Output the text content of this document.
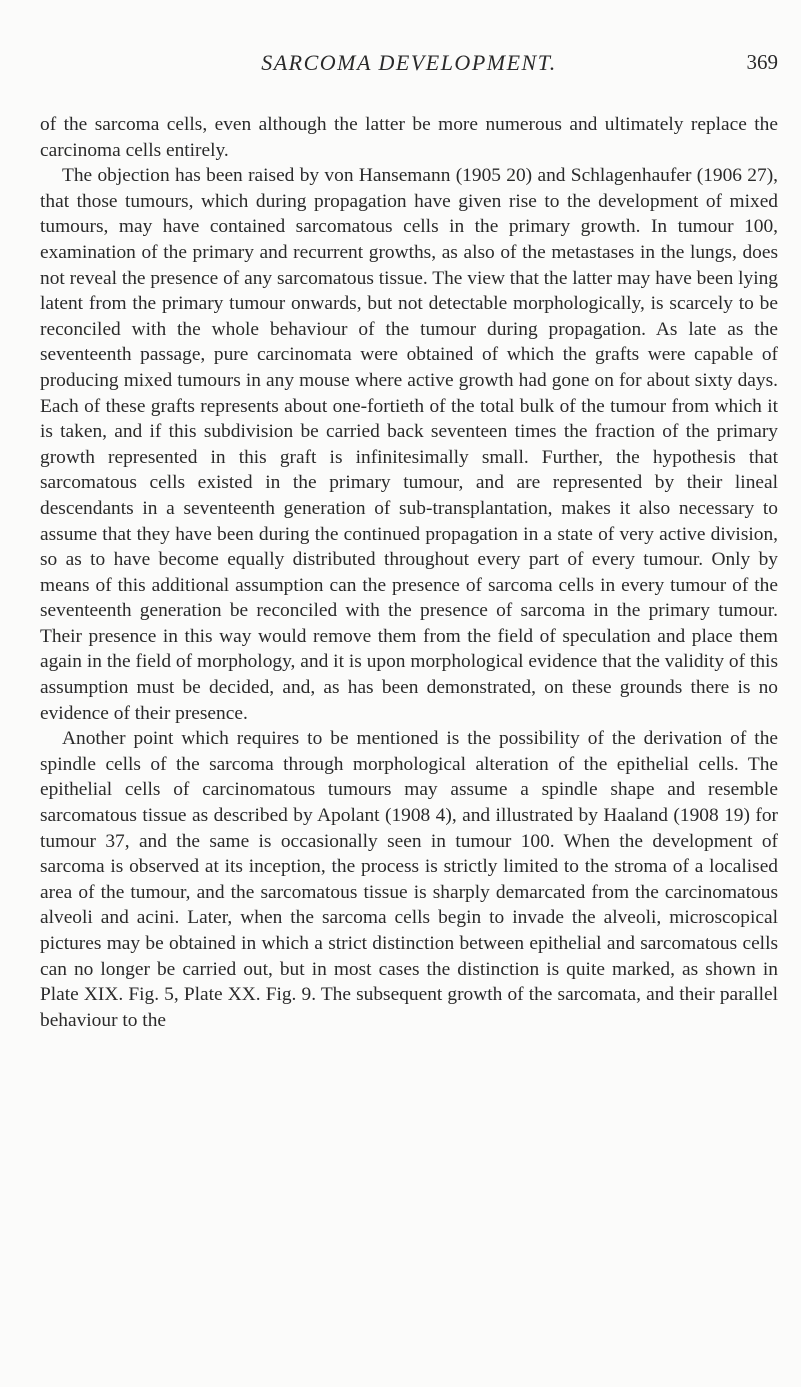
SARCOMA DEVELOPMENT.	369

of the sarcoma cells, even although the latter be more numerous and ultimately replace the carcinoma cells entirely.

The objection has been raised by von Hansemann (1905 20) and Schlagenhaufer (1906 27), that those tumours, which during propagation have given rise to the development of mixed tumours, may have contained sarcomatous cells in the primary growth. In tumour 100, examination of the primary and recurrent growths, as also of the metastases in the lungs, does not reveal the presence of any sarcomatous tissue. The view that the latter may have been lying latent from the primary tumour onwards, but not detectable morphologically, is scarcely to be reconciled with the whole behaviour of the tumour during propagation. As late as the seventeenth passage, pure carcinomata were obtained of which the grafts were capable of producing mixed tumours in any mouse where active growth had gone on for about sixty days. Each of these grafts represents about one-fortieth of the total bulk of the tumour from which it is taken, and if this subdivision be carried back seventeen times the fraction of the primary growth represented in this graft is infinitesimally small. Further, the hypothesis that sarcomatous cells existed in the primary tumour, and are represented by their lineal descendants in a seventeenth generation of sub-transplantation, makes it also necessary to assume that they have been during the continued propagation in a state of very active division, so as to have become equally distributed throughout every part of every tumour. Only by means of this additional assumption can the presence of sarcoma cells in every tumour of the seventeenth generation be reconciled with the presence of sarcoma in the primary tumour. Their presence in this way would remove them from the field of speculation and place them again in the field of morphology, and it is upon morphological evidence that the validity of this assumption must be decided, and, as has been demonstrated, on these grounds there is no evidence of their presence.

Another point which requires to be mentioned is the possibility of the derivation of the spindle cells of the sarcoma through morphological alteration of the epithelial cells. The epithelial cells of carcinomatous tumours may assume a spindle shape and resemble sarcomatous tissue as described by Apolant (1908 4), and illustrated by Haaland (1908 19) for tumour 37, and the same is occasionally seen in tumour 100. When the development of sarcoma is observed at its inception, the process is strictly limited to the stroma of a localised area of the tumour, and the sarcomatous tissue is sharply demarcated from the carcinomatous alveoli and acini. Later, when the sarcoma cells begin to invade the alveoli, microscopical pictures may be obtained in which a strict distinction between epithelial and sarcomatous cells can no longer be carried out, but in most cases the distinction is quite marked, as shown in Plate XIX. Fig. 5, Plate XX. Fig. 9. The subsequent growth of the sarcomata, and their parallel behaviour to the
